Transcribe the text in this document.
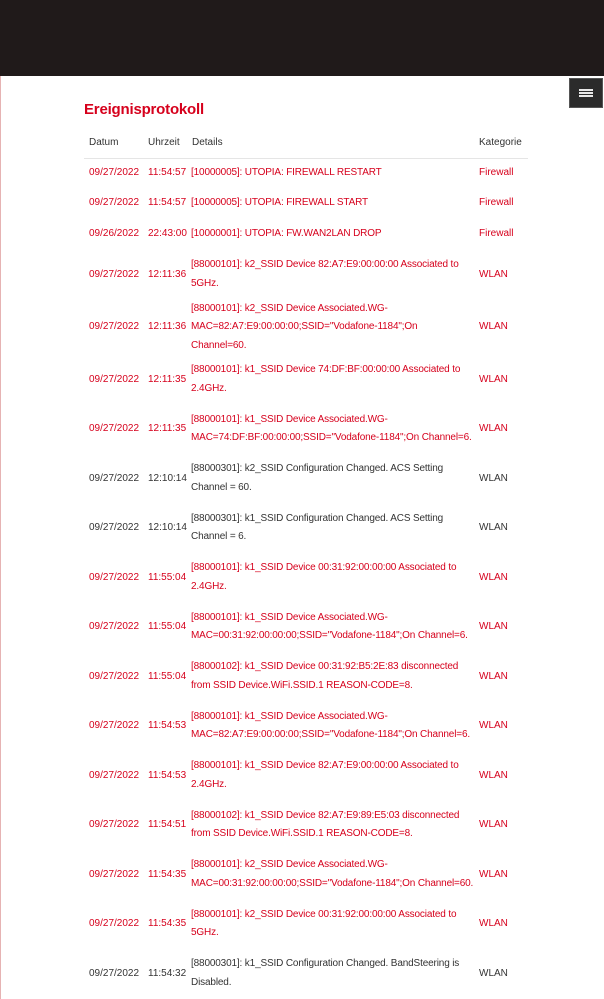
Ereignisprotokoll
Datum	Uhrzeit	Details	Kategorie
09/27/2022	11:54:57	[10000005]: UTOPIA: FIREWALL RESTART	Firewall
09/27/2022	11:54:57	[10000005]: UTOPIA: FIREWALL START	Firewall
09/26/2022	22:43:00	[10000001]: UTOPIA: FW.WAN2LAN DROP	Firewall
09/27/2022	12:11:36	[88000101]: k2_SSID Device 82:A7:E9:00:00:00 Associated to 5GHz.	WLAN
09/27/2022	12:11:36	[88000101]: k2_SSID Device Associated.WG-MAC=82:A7:E9:00:00:00;SSID="Vodafone-1184";On Channel=60.	WLAN
09/27/2022	12:11:35	[88000101]: k1_SSID Device 74:DF:BF:00:00:00 Associated to 2.4GHz.	WLAN
09/27/2022	12:11:35	[88000101]: k1_SSID Device Associated.WG-MAC=74:DF:BF:00:00:00;SSID="Vodafone-1184";On Channel=6.	WLAN
09/27/2022	12:10:14	[88000301]: k2_SSID Configuration Changed. ACS Setting Channel = 60.	WLAN
09/27/2022	12:10:14	[88000301]: k1_SSID Configuration Changed. ACS Setting Channel = 6.	WLAN
09/27/2022	11:55:04	[88000101]: k1_SSID Device 00:31:92:00:00:00 Associated to 2.4GHz.	WLAN
09/27/2022	11:55:04	[88000101]: k1_SSID Device Associated.WG-MAC=00:31:92:00:00:00;SSID="Vodafone-1184";On Channel=6.	WLAN
09/27/2022	11:55:04	[88000102]: k1_SSID Device 00:31:92:B5:2E:83 disconnected from SSID Device.WiFi.SSID.1 REASON-CODE=8.	WLAN
09/27/2022	11:54:53	[88000101]: k1_SSID Device Associated.WG-MAC=82:A7:E9:00:00:00;SSID="Vodafone-1184";On Channel=6.	WLAN
09/27/2022	11:54:53	[88000101]: k1_SSID Device 82:A7:E9:00:00:00 Associated to 2.4GHz.	WLAN
09/27/2022	11:54:51	[88000102]: k1_SSID Device 82:A7:E9:89:E5:03 disconnected from SSID Device.WiFi.SSID.1 REASON-CODE=8.	WLAN
09/27/2022	11:54:35	[88000101]: k2_SSID Device Associated.WG-MAC=00:31:92:00:00:00;SSID="Vodafone-1184";On Channel=60.	WLAN
09/27/2022	11:54:35	[88000101]: k2_SSID Device 00:31:92:00:00:00 Associated to 5GHz.	WLAN
09/27/2022	11:54:32	[88000301]: k1_SSID Configuration Changed. BandSteering is Disabled.	WLAN
